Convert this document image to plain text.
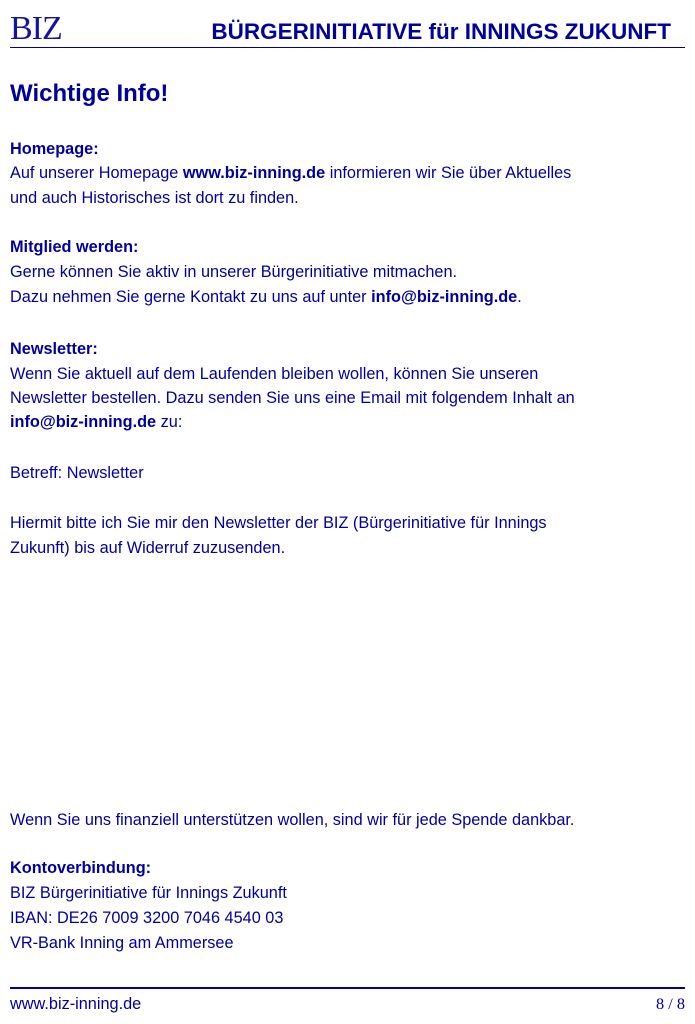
BIZ	BÜRGERINITIATIVE für INNINGS ZUKUNFT
Wichtige Info!
Homepage:
Auf unserer Homepage www.biz-inning.de informieren wir Sie über Aktuelles
und auch Historisches ist dort zu finden.
Mitglied werden:
Gerne können Sie aktiv in unserer Bürgerinitiative mitmachen.
Dazu nehmen Sie gerne Kontakt zu uns auf unter info@biz-inning.de.
Newsletter:
Wenn Sie aktuell auf dem Laufenden bleiben wollen, können Sie unseren
Newsletter bestellen. Dazu senden Sie uns eine Email mit folgendem Inhalt an
info@biz-inning.de zu:
Betreff: Newsletter
Hiermit bitte ich Sie mir den Newsletter der BIZ (Bürgerinitiative für Innings
Zukunft) bis auf Widerruf zuzusenden.
Wenn Sie uns finanziell unterstützen wollen, sind wir für jede Spende dankbar.
Kontoverbindung:
BIZ Bürgerinitiative für Innings Zukunft
IBAN: DE26 7009 3200 7046 4540 03
VR-Bank Inning am Ammersee
www.biz-inning.de	8 / 8
